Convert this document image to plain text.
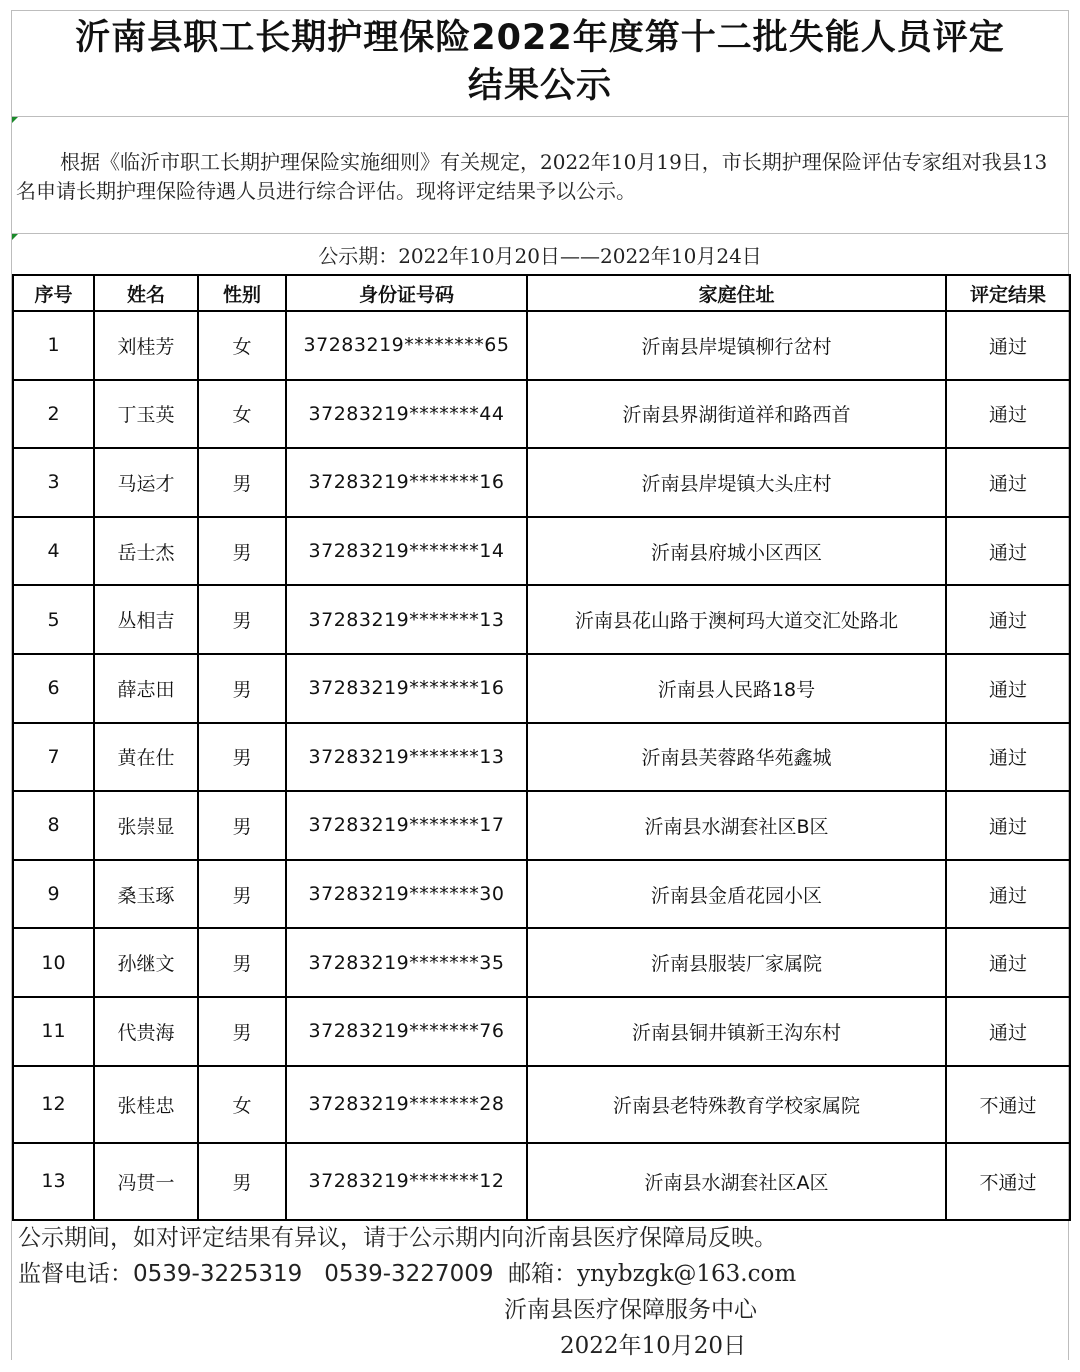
沂南县职工长期护理保险2022年度第十二批失能人员评定
结果公示
根据《临沂市职工长期护理保险实施细则》有关规定，2022年10月19日，市长期护理保险评估专家组对我县13名申请长期护理保险待遇人员进行综合评估。现将评定结果予以公示。
公示期：2022年10月20日——2022年10月24日
序号	姓名	性别	身份证号码	家庭住址	评定结果
1	刘桂芳	女	37283219********65	沂南县岸堤镇柳行岔村	通过
2	丁玉英	女	37283219*******44	沂南县界湖街道祥和路西首	通过
3	马运才	男	37283219*******16	沂南县岸堤镇大头庄村	通过
4	岳士杰	男	37283219*******14	沂南县府城小区西区	通过
5	丛相吉	男	37283219*******13	沂南县花山路于澳柯玛大道交汇处路北	通过
6	薛志田	男	37283219*******16	沂南县人民路18号	通过
7	黄在仕	男	37283219*******13	沂南县芙蓉路华苑鑫城	通过
8	张崇显	男	37283219*******17	沂南县水湖套社区B区	通过
9	桑玉琢	男	37283219*******30	沂南县金盾花园小区	通过
10	孙继文	男	37283219*******35	沂南县服装厂家属院	通过
11	代贵海	男	37283219*******76	沂南县铜井镇新王沟东村	通过
12	张桂忠	女	37283219*******28	沂南县老特殊教育学校家属院	不通过
13	冯贯一	男	37283219*******12	沂南县水湖套社区A区	不通过
公示期间，如对评定结果有异议，请于公示期内向沂南县医疗保障局反映。
监督电话：0539-3225319 0539-3227009 邮箱：ynybzgk@163.com
沂南县医疗保障服务中心
2022年10月20日
